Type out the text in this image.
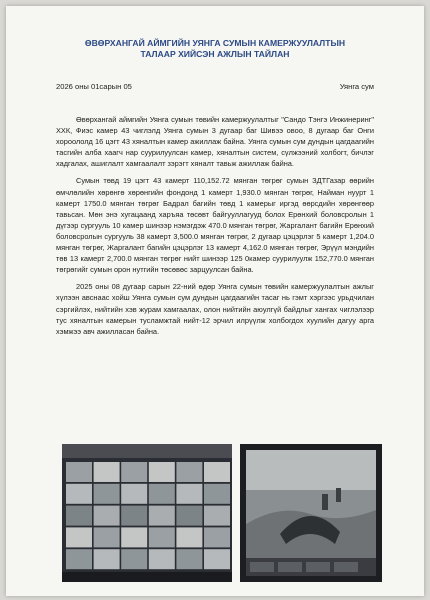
ӨВӨРХАНГАЙ АЙМГИЙН УЯНГА СУМЫН КАМЕРЖУУЛАЛТЫН
ТАЛААР ХИЙСЭН АЖЛЫН ТАЙЛАН
2026 оны 01сарын 05	Уянга сум

Өвөрхангай аймгийн Уянга сумын төвийн камержуулалтыг "Сандо Тэнгэ Инжинеринг" ХХК, Фиэс камер 43 чиглэлд Уянга сумын 3 дугаар баг Шивээ овоо, 8 дугаар баг Онги хороололд 16 цэгт 43 хяналтын камер ажиллаж байна. Уянга сумын сум дундын цагдаагийн тасгийн алба хаагч нар суурилуулсан камер, хяналтын систем, сүлжээний холбогт, бичлэг хадгалах, ашиглалт хамгаалалт зэрэгт хяналт тавьж ажиллаж байна.

Сумын төвд 19 цэгт 43 камерт 110,152.72 мянган төгрөг сумын ЗДТГазар өөрийн өмчлөлийн хөрөнгө хөрөнгийн фондонд 1 камерт 1,930.0 мянган төгрөг, Найман нуурт 1 камерт 1750.0 мянган төгрөг Бадрал багийн төвд 1 камерыг иргэд өөрсдийн хөрөнгөөр тавьсан. Мөн энэ хугацаанд харъяа төсөвт байгууллагууд болох Ерөнхий боловсролын 1 дүгээр сургууль 10 камер шинээр нэмэгдэж 470.0 мянган төгрөг, Жаргалант багийн Ерөнхий боловсролын сургууль 38 камерт 3,500.0 мянган төгрөг, 2 дугаар цэцэрлэг 5 камерт 1,204.0 мянган төгрөг, Жаргалант багийн цэцэрлэг 13 камерт 4,162.0 мянган төгрөг, Эрүүл мэндийн төв 13 камерт 2,700.0 мянган төгрөг нийт шинээр 125 0камер суурилуулж 152,770.0 мянган төгрөгийг сумын орон нутгийн төсөвөс зарцуулсан байна.

2025 оны 08 дугаар сарын 22-ний өдөр Уянга сумын төвийн камержуулалтын ажлыг хүлээн авснаас хойш Уянга сумын сум дундын цагдаагийн тасаг нь гэмт хэргээс урьдчилан сэргийлэх, нийтийн хэв журам хамгаалах, олон нийтийн аюулгүй байдлыг хангах чиглэлээр тус хяналтын камерын тусламжтай нийт-12 эрчил илрүүлж холбогдох хуулийн дагуу арга хэмжээ авч ажилласан байна.
